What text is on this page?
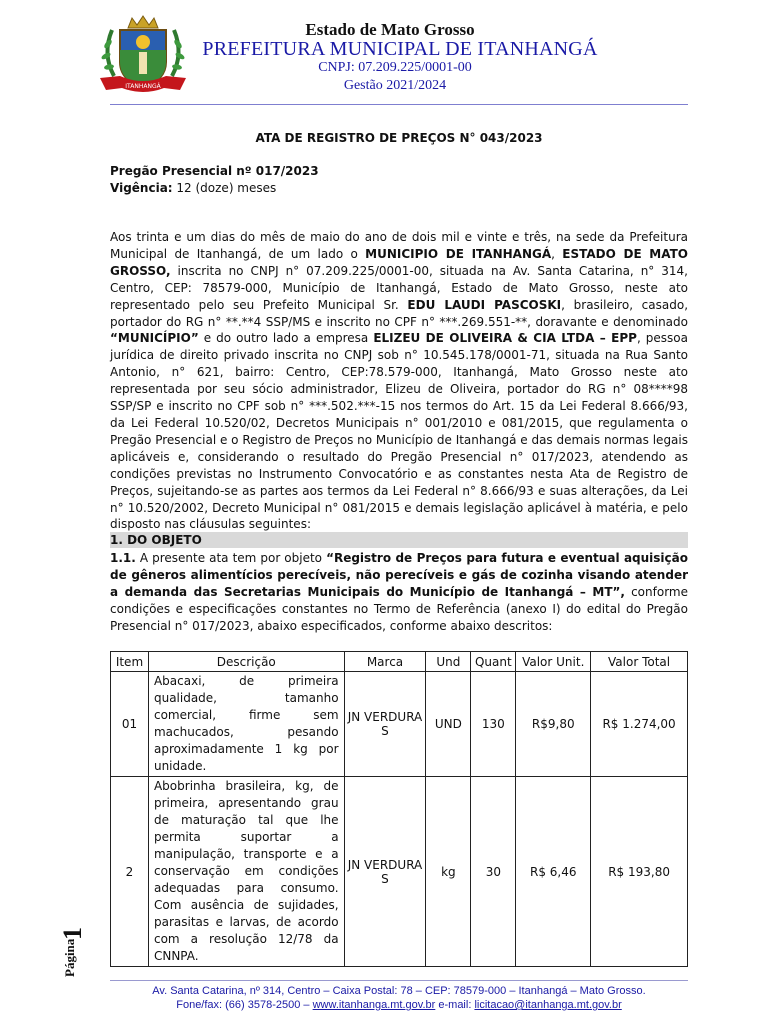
ITANHANGÁ
Estado de Mato Grosso
PREFEITURA MUNICIPAL DE ITANHANGÁ
CNPJ: 07.209.225/0001-00
Gestão 2021/2024
ATA DE REGISTRO DE PREÇOS N° 043/2023
Pregão Presencial nº 017/2023
Vigência: 12 (doze) meses
Aos trinta e um dias do mês de maio do ano de dois mil e vinte e três, na sede da Prefeitura Municipal de Itanhangá, de um lado o MUNICIPIO DE ITANHANGÁ, ESTADO DE MATO GROSSO, inscrita no CNPJ n° 07.209.225/0001-00, situada na Av. Santa Catarina, n° 314, Centro, CEP: 78579-000, Município de Itanhangá, Estado de Mato Grosso, neste ato representado pelo seu Prefeito Municipal Sr. EDU LAUDI PASCOSKI, brasileiro, casado, portador do RG n° **.**4 SSP/MS e inscrito no CPF n° ***.269.551-**, doravante e denominado “MUNICÍPIO” e do outro lado a empresa ELIZEU DE OLIVEIRA & CIA LTDA – EPP, pessoa jurídica de direito privado inscrita no CNPJ sob n° 10.545.178/0001-71, situada na Rua Santo Antonio, n° 621, bairro: Centro, CEP:78.579-000, Itanhangá, Mato Grosso neste ato representada por seu sócio administrador, Elizeu de Oliveira, portador do RG n° 08****98 SSP/SP e inscrito no CPF sob n° ***.502.***-15 nos termos do Art. 15 da Lei Federal 8.666/93, da Lei Federal 10.520/02, Decretos Municipais n° 001/2010 e 081/2015, que regulamenta o Pregão Presencial e o Registro de Preços no Município de Itanhangá e das demais normas legais aplicáveis e, considerando o resultado do Pregão Presencial n° 017/2023, atendendo as condições previstas no Instrumento Convocatório e as constantes nesta Ata de Registro de Preços, sujeitando-se as partes aos termos da Lei Federal n° 8.666/93 e suas alterações, da Lei n° 10.520/2002, Decreto Municipal n° 081/2015 e demais legislação aplicável à matéria, e pelo disposto nas cláusulas seguintes:
1. DO OBJETO
1.1. A presente ata tem por objeto “Registro de Preços para futura e eventual aquisição de gêneros alimentícios perecíveis, não perecíveis e gás de cozinha visando atender a demanda das Secretarias Municipais do Município de Itanhangá – MT”, conforme condições e especificações constantes no Termo de Referência (anexo I) do edital do Pregão Presencial n° 017/2023, abaixo especificados, conforme abaixo descritos:
Item	Descrição	Marca	Und	Quant	Valor Unit.	Valor Total
01	Abacaxi, de primeira qualidade, tamanho comercial, firme sem machucados, pesando aproximadamente 1 kg por unidade.	JN VERDURA S	UND	130	R$9,80	R$ 1.274,00
2	Abobrinha brasileira, kg, de primeira, apresentando grau de maturação tal que lhe permita suportar a manipulação, transporte e a conservação em condições adequadas para consumo. Com ausência de sujidades, parasitas e larvas, de acordo com a resolução 12/78 da CNNPA.	JN VERDURA S	kg	30	R$ 6,46	R$ 193,80
Página
1
Av. Santa Catarina, nº 314, Centro – Caixa Postal: 78 – CEP: 78579-000 – Itanhangá – Mato Grosso.
Fone/fax: (66) 3578-2500 – www.itanhanga.mt.gov.br e-mail: licitacao@itanhanga.mt.gov.br
